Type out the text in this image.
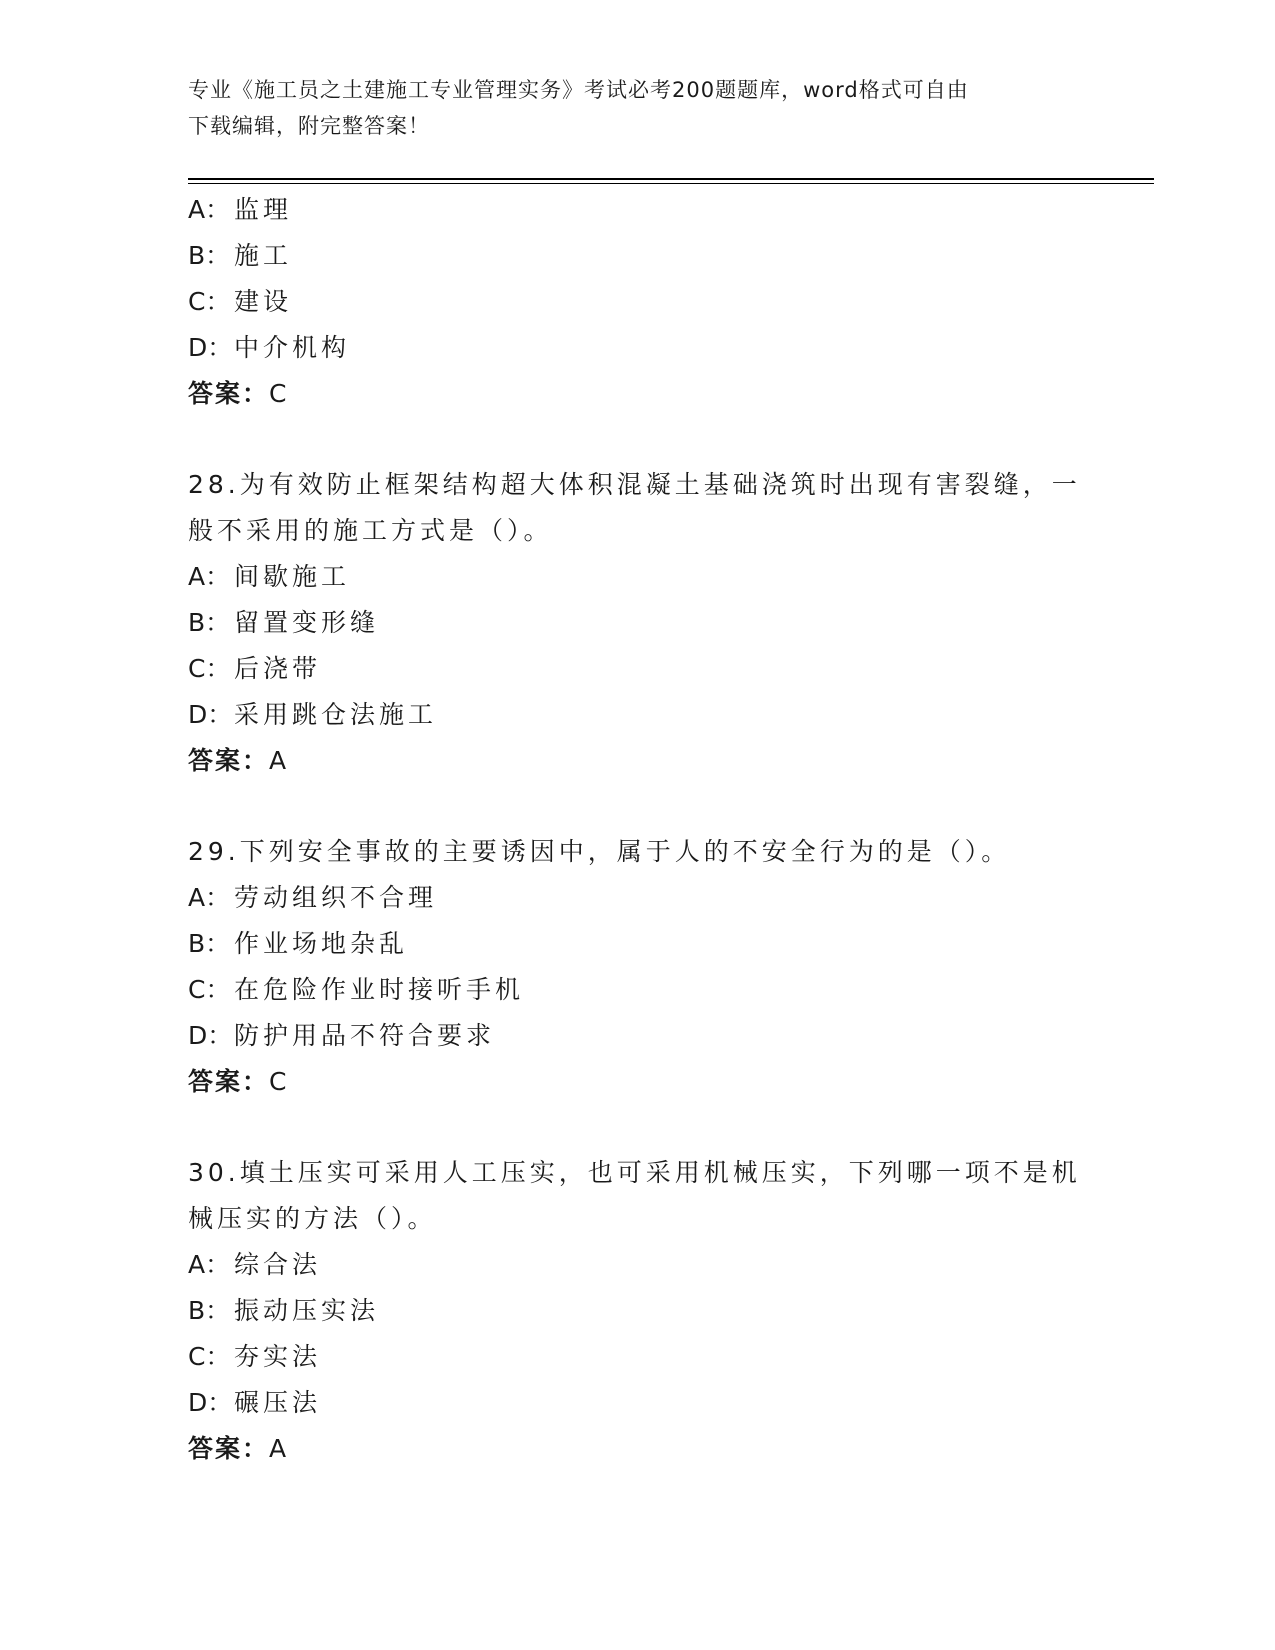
专业《施工员之土建施工专业管理实务》考试必考200题题库，word格式可自由
下载编辑，附完整答案！
A： 监理
B： 施工
C： 建设
D：中介机构
答案：C
28.为有效防止框架结构超大体积混凝土基础浇筑时出现有害裂缝，一
般不采用的施工方式是（）。
A： 间歇施工
B： 留置变形缝
C： 后浇带
D：采用跳仓法施工
答案：A
29.下列安全事故的主要诱因中，属于人的不安全行为的是（）。
A： 劳动组织不合理
B： 作业场地杂乱
C： 在危险作业时接听手机
D：防护用品不符合要求
答案：C
30.填土压实可采用人工压实，也可采用机械压实，下列哪一项不是机
械压实的方法（）。
A： 综合法
B： 振动压实法
C： 夯实法
D：碾压法
答案：A
